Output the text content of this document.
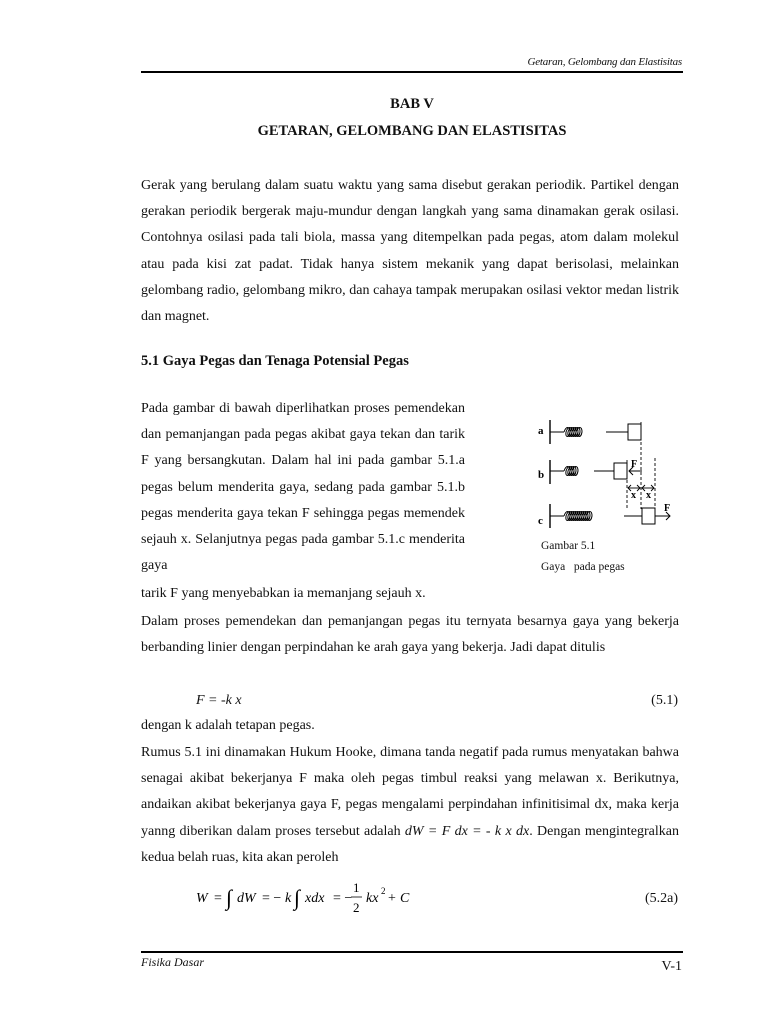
Getaran, Gelombang dan Elastisitas
BAB V
GETARAN, GELOMBANG DAN ELASTISITAS
Gerak yang berulang dalam suatu waktu yang sama disebut gerakan periodik. Partikel dengan gerakan periodik bergerak maju-mundur dengan langkah yang sama dinamakan gerak osilasi. Contohnya osilasi pada tali biola, massa yang ditempelkan pada pegas, atom dalam molekul atau pada kisi zat padat. Tidak hanya sistem mekanik yang dapat berisolasi, melainkan gelombang radio, gelombang mikro, dan cahaya tampak merupakan osilasi vektor medan listrik dan magnet.
5.1 Gaya Pegas dan Tenaga Potensial Pegas
Pada gambar di bawah diperlihatkan proses pemendekan dan pemanjangan pada pegas akibat gaya tekan dan tarik F yang bersangkutan. Dalam hal ini pada gambar 5.1.a pegas belum menderita gaya, sedang pada gambar 5.1.b pegas menderita gaya tekan F sehingga pegas memendek sejauh x. Selanjutnya pegas pada gambar 5.1.c menderita gaya
tarik F yang menyebabkan ia memanjang sejauh x.
a
b
F
x x
c
F
Gambar 5.1
Gaya   pada pegas
Dalam proses pemendekan dan pemanjangan pegas itu ternyata besarnya gaya yang bekerja berbanding linier dengan perpindahan ke arah gaya yang bekerja. Jadi dapat ditulis
F = -k x	(5.1)
dengan k adalah tetapan pegas.
Rumus 5.1 ini dinamakan Hukum Hooke, dimana tanda negatif pada rumus menyatakan bahwa senagai akibat bekerjanya F maka oleh pegas timbul reaksi yang melawan x. Berikutnya, andaikan akibat bekerjanya gaya F, pegas mengalami perpindahan infinitisimal dx, maka kerja yanng diberikan dalam proses tersebut adalah dW = F dx = - k x dx. Dengan mengintegralkan kedua belah ruas, kita akan peroleh
W = ∫ dW = − k ∫ xdx = −
1
2
kx 2 + C	(5.2a)
Fisika Dasar	V-1
